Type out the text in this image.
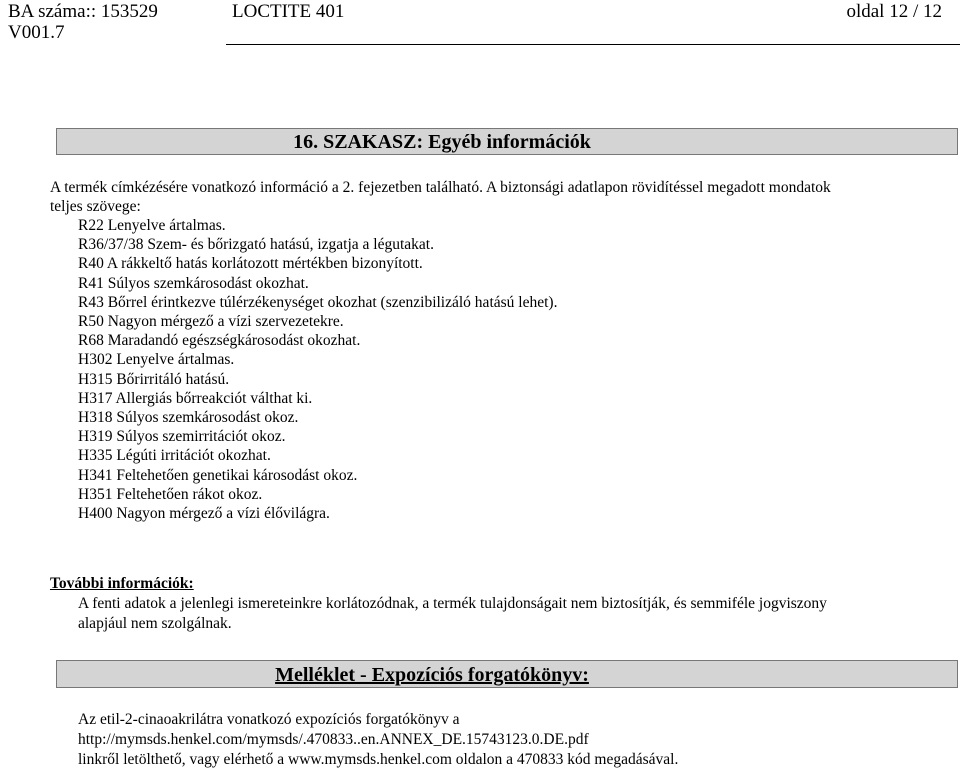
BA száma:: 153529	LOCTITE 401	oldal 12 / 12
V001.7
16. SZAKASZ: Egyéb információk
A termék címkézésére vonatkozó információ a 2. fejezetben található. A biztonsági adatlapon rövidítéssel megadott mondatok
teljes szövege:
R22 Lenyelve ártalmas.
R36/37/38 Szem- és bőrizgató hatású, izgatja a légutakat.
R40 A rákkeltő hatás korlátozott mértékben bizonyított.
R41 Súlyos szemkárosodást okozhat.
R43 Bőrrel érintkezve túlérzékenységet okozhat (szenzibilizáló hatású lehet).
R50 Nagyon mérgező a vízi szervezetekre.
R68 Maradandó egészségkárosodást okozhat.
H302 Lenyelve ártalmas.
H315 Bőrirritáló hatású.
H317 Allergiás bőrreakciót válthat ki.
H318 Súlyos szemkárosodást okoz.
H319 Súlyos szemirritációt okoz.
H335 Légúti irritációt okozhat.
H341 Feltehetően genetikai károsodást okoz.
H351 Feltehetően rákot okoz.
H400 Nagyon mérgező a vízi élővilágra.
További információk:
A fenti adatok a jelenlegi ismereteinkre korlátozódnak, a termék tulajdonságait nem biztosítják, és semmiféle jogviszony
alapjául nem szolgálnak.
Melléklet - Expozíciós forgatókönyv:
Az etil-2-cinaoakrilátra vonatkozó expozíciós forgatókönyv a
http://mymsds.henkel.com/mymsds/.470833..en.ANNEX_DE.15743123.0.DE.pdf
linkről letölthető, vagy elérhető a www.mymsds.henkel.com oldalon a 470833 kód megadásával.
